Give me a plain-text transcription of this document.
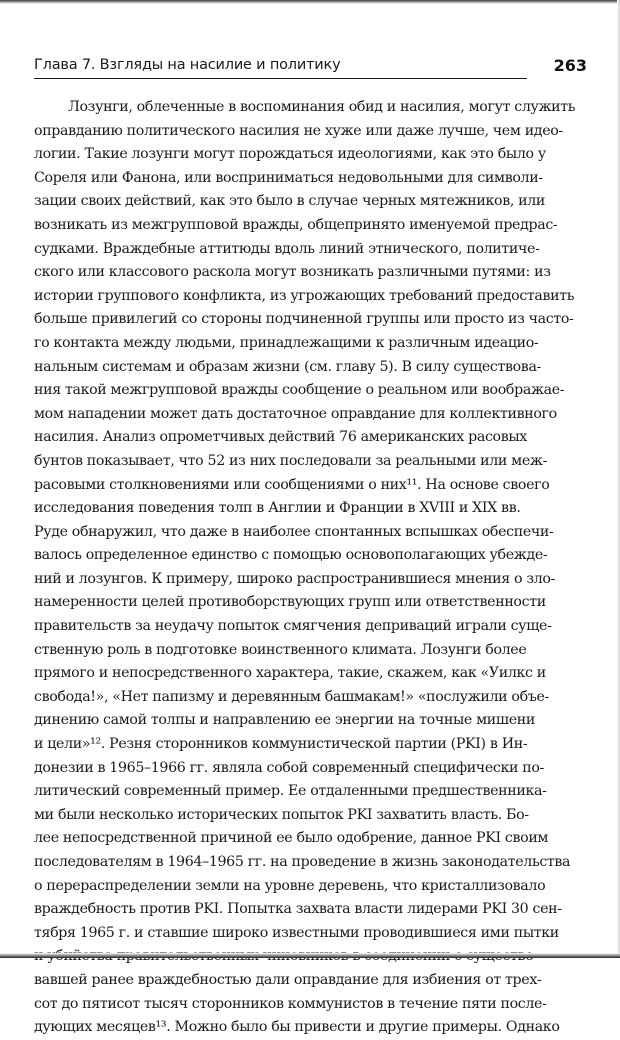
Глава 7. Взгляды на насилие и политику	263
Лозунги, облеченные в воспоминания обид и насилия, могут служить
оправданию политического насилия не хуже или даже лучше, чем идео-
логии. Такие лозунги могут порождаться идеологиями, как это было у
Сореля или Фанона, или восприниматься недовольными для символи-
зации своих действий, как это было в случае черных мятежников, или
возникать из межгрупповой вражды, общепринято именуемой предрас-
судками. Враждебные аттитюды вдоль линий этнического, политиче-
ского или классового раскола могут возникать различными путями: из
истории группового конфликта, из угрожающих требований предоставить
больше привилегий со стороны подчиненной группы или просто из часто-
го контакта между людьми, принадлежащими к различным идеацио-
нальным системам и образам жизни (см. главу 5). В силу существова-
ния такой межгрупповой вражды сообщение о реальном или воображае-
мом нападении может дать достаточное оправдание для коллективного
насилия. Анализ опрометчивых действий 76 американских расовых
бунтов показывает, что 52 из них последовали за реальными или меж-
расовыми столкновениями или сообщениями о них¹¹. На основе своего
исследования поведения толп в Англии и Франции в XVIII и XIX вв.
Руде обнаружил, что даже в наиболее спонтанных вспышках обеспечи-
валось определенное единство с помощью основополагающих убежде-
ний и лозунгов. К примеру, широко распространившиеся мнения о зло-
намеренности целей противоборствующих групп или ответственности
правительств за неудачу попыток смягчения деприваций играли суще-
ственную роль в подготовке воинственного климата. Лозунги более
прямого и непосредственного характера, такие, скажем, как «Уилкс и
свобода!», «Нет папизму и деревянным башмакам!» «послужили объе-
динению самой толпы и направлению ее энергии на точные мишени
и цели»¹². Резня сторонников коммунистической партии (PKI) в Ин-
донезии в 1965–1966 гг. являла собой современный специфически по-
литический современный пример. Ее отдаленными предшественника-
ми были несколько исторических попыток PKI захватить власть. Бо-
лее непосредственной причиной ее было одобрение, данное PKI своим
последователям в 1964–1965 гг. на проведение в жизнь законодательства
о перераспределении земли на уровне деревень, что кристаллизовало
враждебность против PKI. Попытка захвата власти лидерами PKI 30 сен-
тября 1965 г. и ставшие широко известными проводившиеся ими пытки
вавшей ранее враждебностью дали оправдание для избиения от трех-
сот до пятисот тысяч сторонников коммунистов в течение пяти после-
дующих месяцев¹³. Можно было бы привести и другие примеры. Однако
